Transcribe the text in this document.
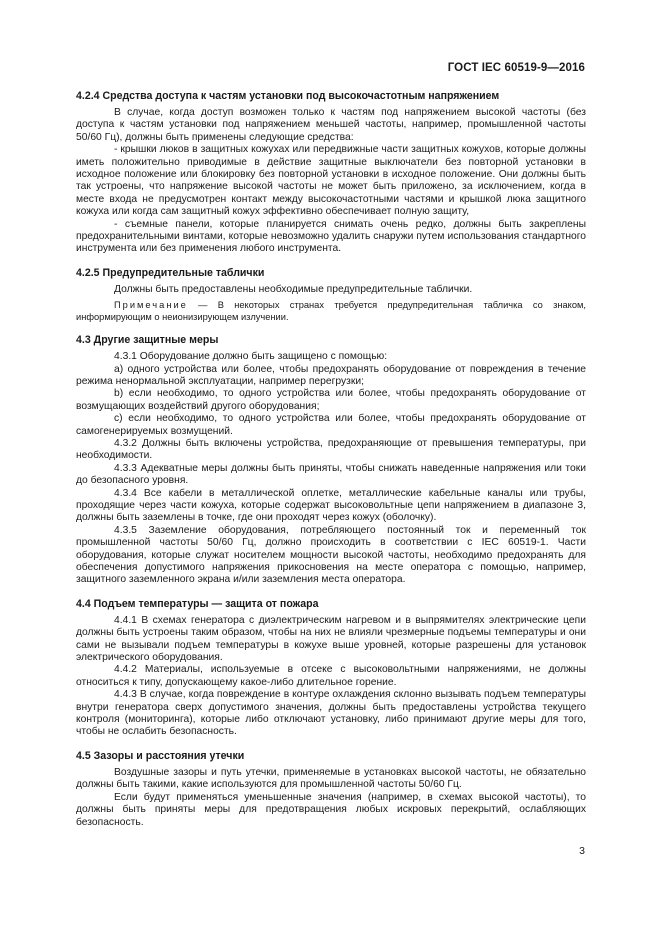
ГОСТ IEC 60519-9—2016
4.2.4 Средства доступа к частям установки под высокочастотным напряжением

В случае, когда доступ возможен только к частям под напряжением высокой частоты (без доступа к частям установки под напряжением меньшей частоты, например, промышленной частоты 50/60 Гц), должны быть применены следующие средства:

- крышки люков в защитных кожухах или передвижные части защитных кожухов, которые должны иметь положительно приводимые в действие защитные выключатели без повторной установки в исходное положение или блокировку без повторной установки в исходное положение. Они должны быть так устроены, что напряжение высокой частоты не может быть приложено, за исключением, когда в месте входа не предусмотрен контакт между высокочастотными частями и крышкой люка защитного кожуха или когда сам защитный кожух эффективно обеспечивает полную защиту,

- съемные панели, которые планируется снимать очень редко, должны быть закреплены предохранительными винтами, которые невозможно удалить снаружи путем использования стандартного инструмента или без применения любого инструмента.

4.2.5 Предупредительные таблички

Должны быть предоставлены необходимые предупредительные таблички.

Примечание — В некоторых странах требуется предупредительная табличка со знаком, информирующим о неионизирующем излучении.

4.3 Другие защитные меры

4.3.1 Оборудование должно быть защищено с помощью:

a) одного устройства или более, чтобы предохранять оборудование от повреждения в течение режима ненормальной эксплуатации, например перегрузки;

b) если необходимо, то одного устройства или более, чтобы предохранять оборудование от возмущающих воздействий другого оборудования;

c) если необходимо, то одного устройства или более, чтобы предохранять оборудование от самогенерируемых возмущений.

4.3.2 Должны быть включены устройства, предохраняющие от превышения температуры, при необходимости.

4.3.3 Адекватные меры должны быть приняты, чтобы снижать наведенные напряжения или токи до безопасного уровня.

4.3.4 Все кабели в металлической оплетке, металлические кабельные каналы или трубы, проходящие через части кожуха, которые содержат высоковольтные цепи напряжением в диапазоне 3, должны быть заземлены в точке, где они проходят через кожух (оболочку).

4.3.5 Заземление оборудования, потребляющего постоянный ток и переменный ток промышленной частоты 50/60 Гц, должно происходить в соответствии с IEC 60519-1. Части оборудования, которые служат носителем мощности высокой частоты, необходимо предохранять для обеспечения допустимого напряжения прикосновения на месте оператора с помощью, например, защитного заземленного экрана и/или заземления места оператора.

4.4 Подъем температуры — защита от пожара

4.4.1 В схемах генератора с диэлектрическим нагревом и в выпрямителях электрические цепи должны быть устроены таким образом, чтобы на них не влияли чрезмерные подъемы температуры и они сами не вызывали подъем температуры в кожухе выше уровней, которые разрешены для установок электрического оборудования.

4.4.2 Материалы, используемые в отсеке с высоковольтными напряжениями, не должны относиться к типу, допускающему какое-либо длительное горение.

4.4.3 В случае, когда повреждение в контуре охлаждения склонно вызывать подъем температуры внутри генератора сверх допустимого значения, должны быть предоставлены устройства текущего контроля (мониторинга), которые либо отключают установку, либо принимают другие меры для того, чтобы не ослабить безопасность.

4.5 Зазоры и расстояния утечки

Воздушные зазоры и путь утечки, применяемые в установках высокой частоты, не обязательно должны быть такими, какие используются для промышленной частоты 50/60 Гц.

Если будут применяться уменьшенные значения (например, в схемах высокой частоты), то должны быть приняты меры для предотвращения любых искровых перекрытий, ослабляющих безопасность.

3
